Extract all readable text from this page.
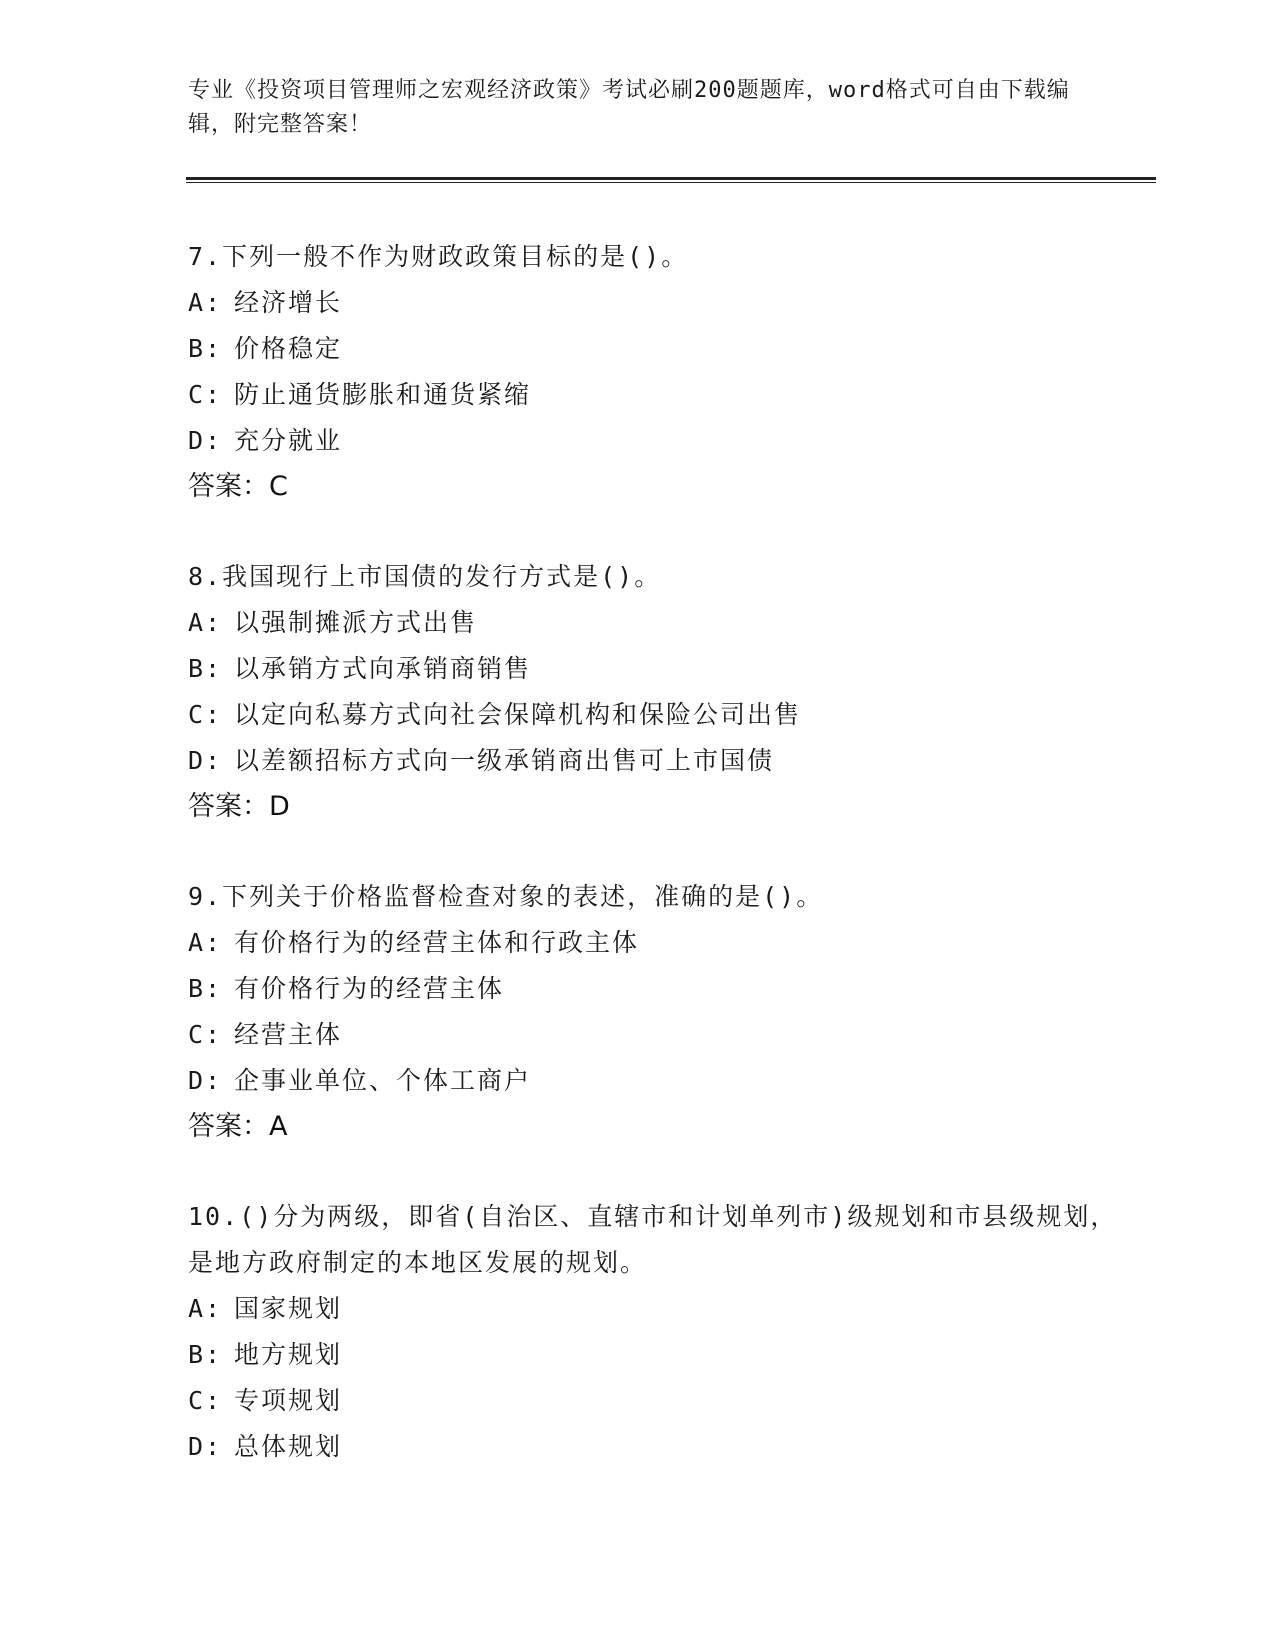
专业《投资项目管理师之宏观经济政策》考试必刷200题题库，word格式可自由下载编辑，附完整答案！
7.下列一般不作为财政政策目标的是()。
A: 经济增长
B: 价格稳定
C: 防止通货膨胀和通货紧缩
D: 充分就业
答案：C
8.我国现行上市国债的发行方式是()。
A: 以强制摊派方式出售
B: 以承销方式向承销商销售
C: 以定向私募方式向社会保障机构和保险公司出售
D: 以差额招标方式向一级承销商出售可上市国债
答案：D
9.下列关于价格监督检查对象的表述，准确的是()。
A: 有价格行为的经营主体和行政主体
B: 有价格行为的经营主体
C: 经营主体
D: 企事业单位、个体工商户
答案：A
10.()分为两级，即省(自治区、直辖市和计划单列市)级规划和市县级规划，是地方政府制定的本地区发展的规划。
A: 国家规划
B: 地方规划
C: 专项规划
D: 总体规划
